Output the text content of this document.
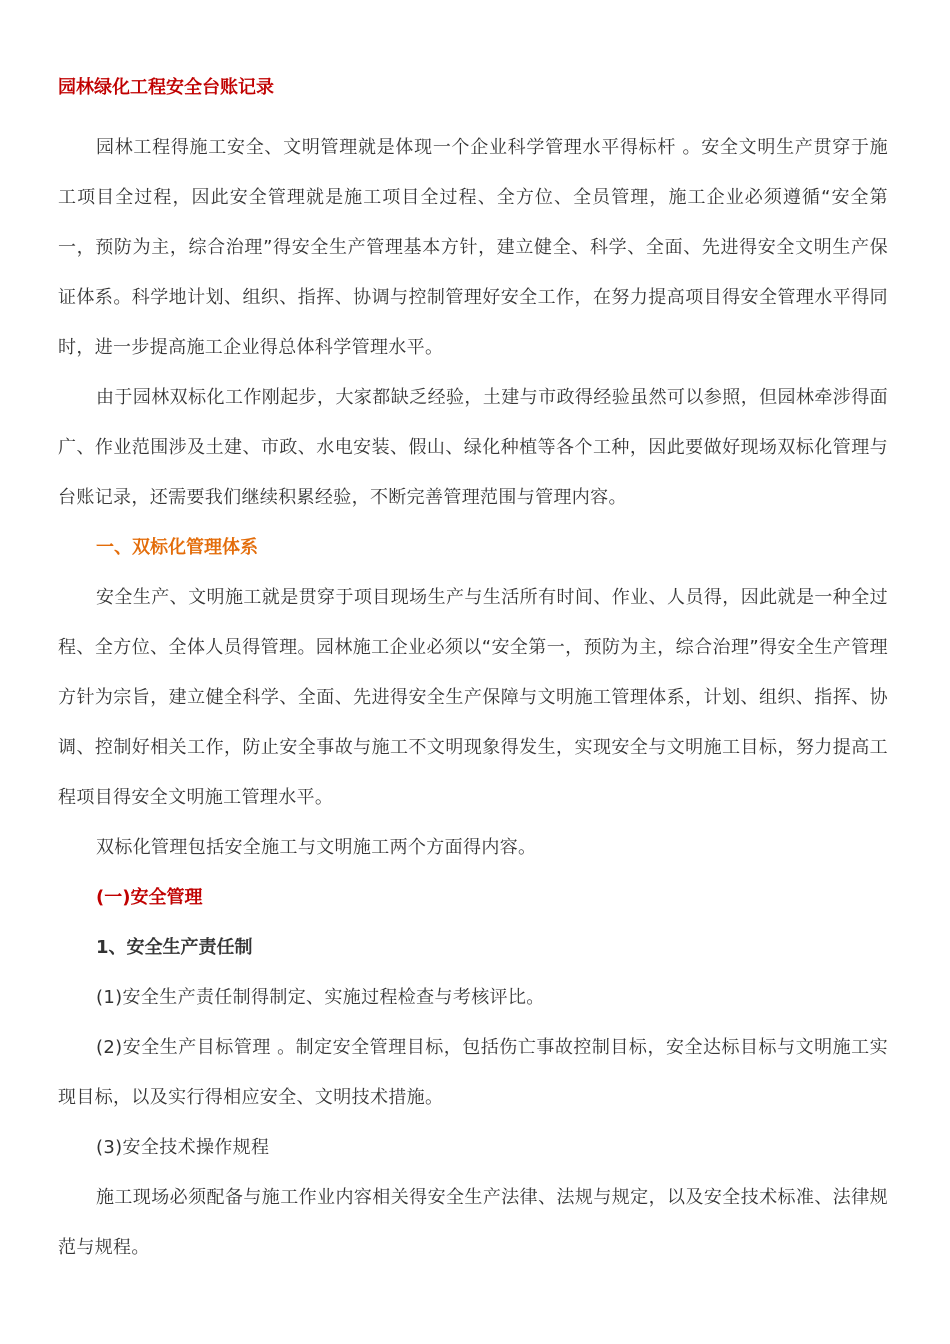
园林绿化工程安全台账记录

园林工程得施工安全、文明管理就是体现一个企业科学管理水平得标杆 。安全文明生产贯穿于施工项目全过程，因此安全管理就是施工项目全过程、全方位、全员管理，施工企业必须遵循“安全第一，预防为主，综合治理”得安全生产管理基本方针，建立健全、科学、全面、先进得安全文明生产保证体系。科学地计划、组织、指挥、协调与控制管理好安全工作，在努力提高项目得安全管理水平得同时，进一步提高施工企业得总体科学管理水平。

由于园林双标化工作刚起步，大家都缺乏经验，土建与市政得经验虽然可以参照，但园林牵涉得面广、作业范围涉及土建、市政、水电安装、假山、绿化种植等各个工种，因此要做好现场双标化管理与台账记录，还需要我们继续积累经验，不断完善管理范围与管理内容。

一、双标化管理体系

安全生产、文明施工就是贯穿于项目现场生产与生活所有时间、作业、人员得，因此就是一种全过程、全方位、全体人员得管理。园林施工企业必须以“安全第一，预防为主，综合治理”得安全生产管理方针为宗旨，建立健全科学、全面、先进得安全生产保障与文明施工管理体系，计划、组织、指挥、协调、控制好相关工作，防止安全事故与施工不文明现象得发生，实现安全与文明施工目标，努力提高工程项目得安全文明施工管理水平。

双标化管理包括安全施工与文明施工两个方面得内容。

(一)安全管理
1、安全生产责任制

(1)安全生产责任制得制定、实施过程检查与考核评比。

(2)安全生产目标管理 。制定安全管理目标，包括伤亡事故控制目标，安全达标目标与文明施工实现目标，以及实行得相应安全、文明技术措施。

(3)安全技术操作规程

施工现场必须配备与施工作业内容相关得安全生产法律、法规与规定，以及安全技术标准、法律规范与规程。
